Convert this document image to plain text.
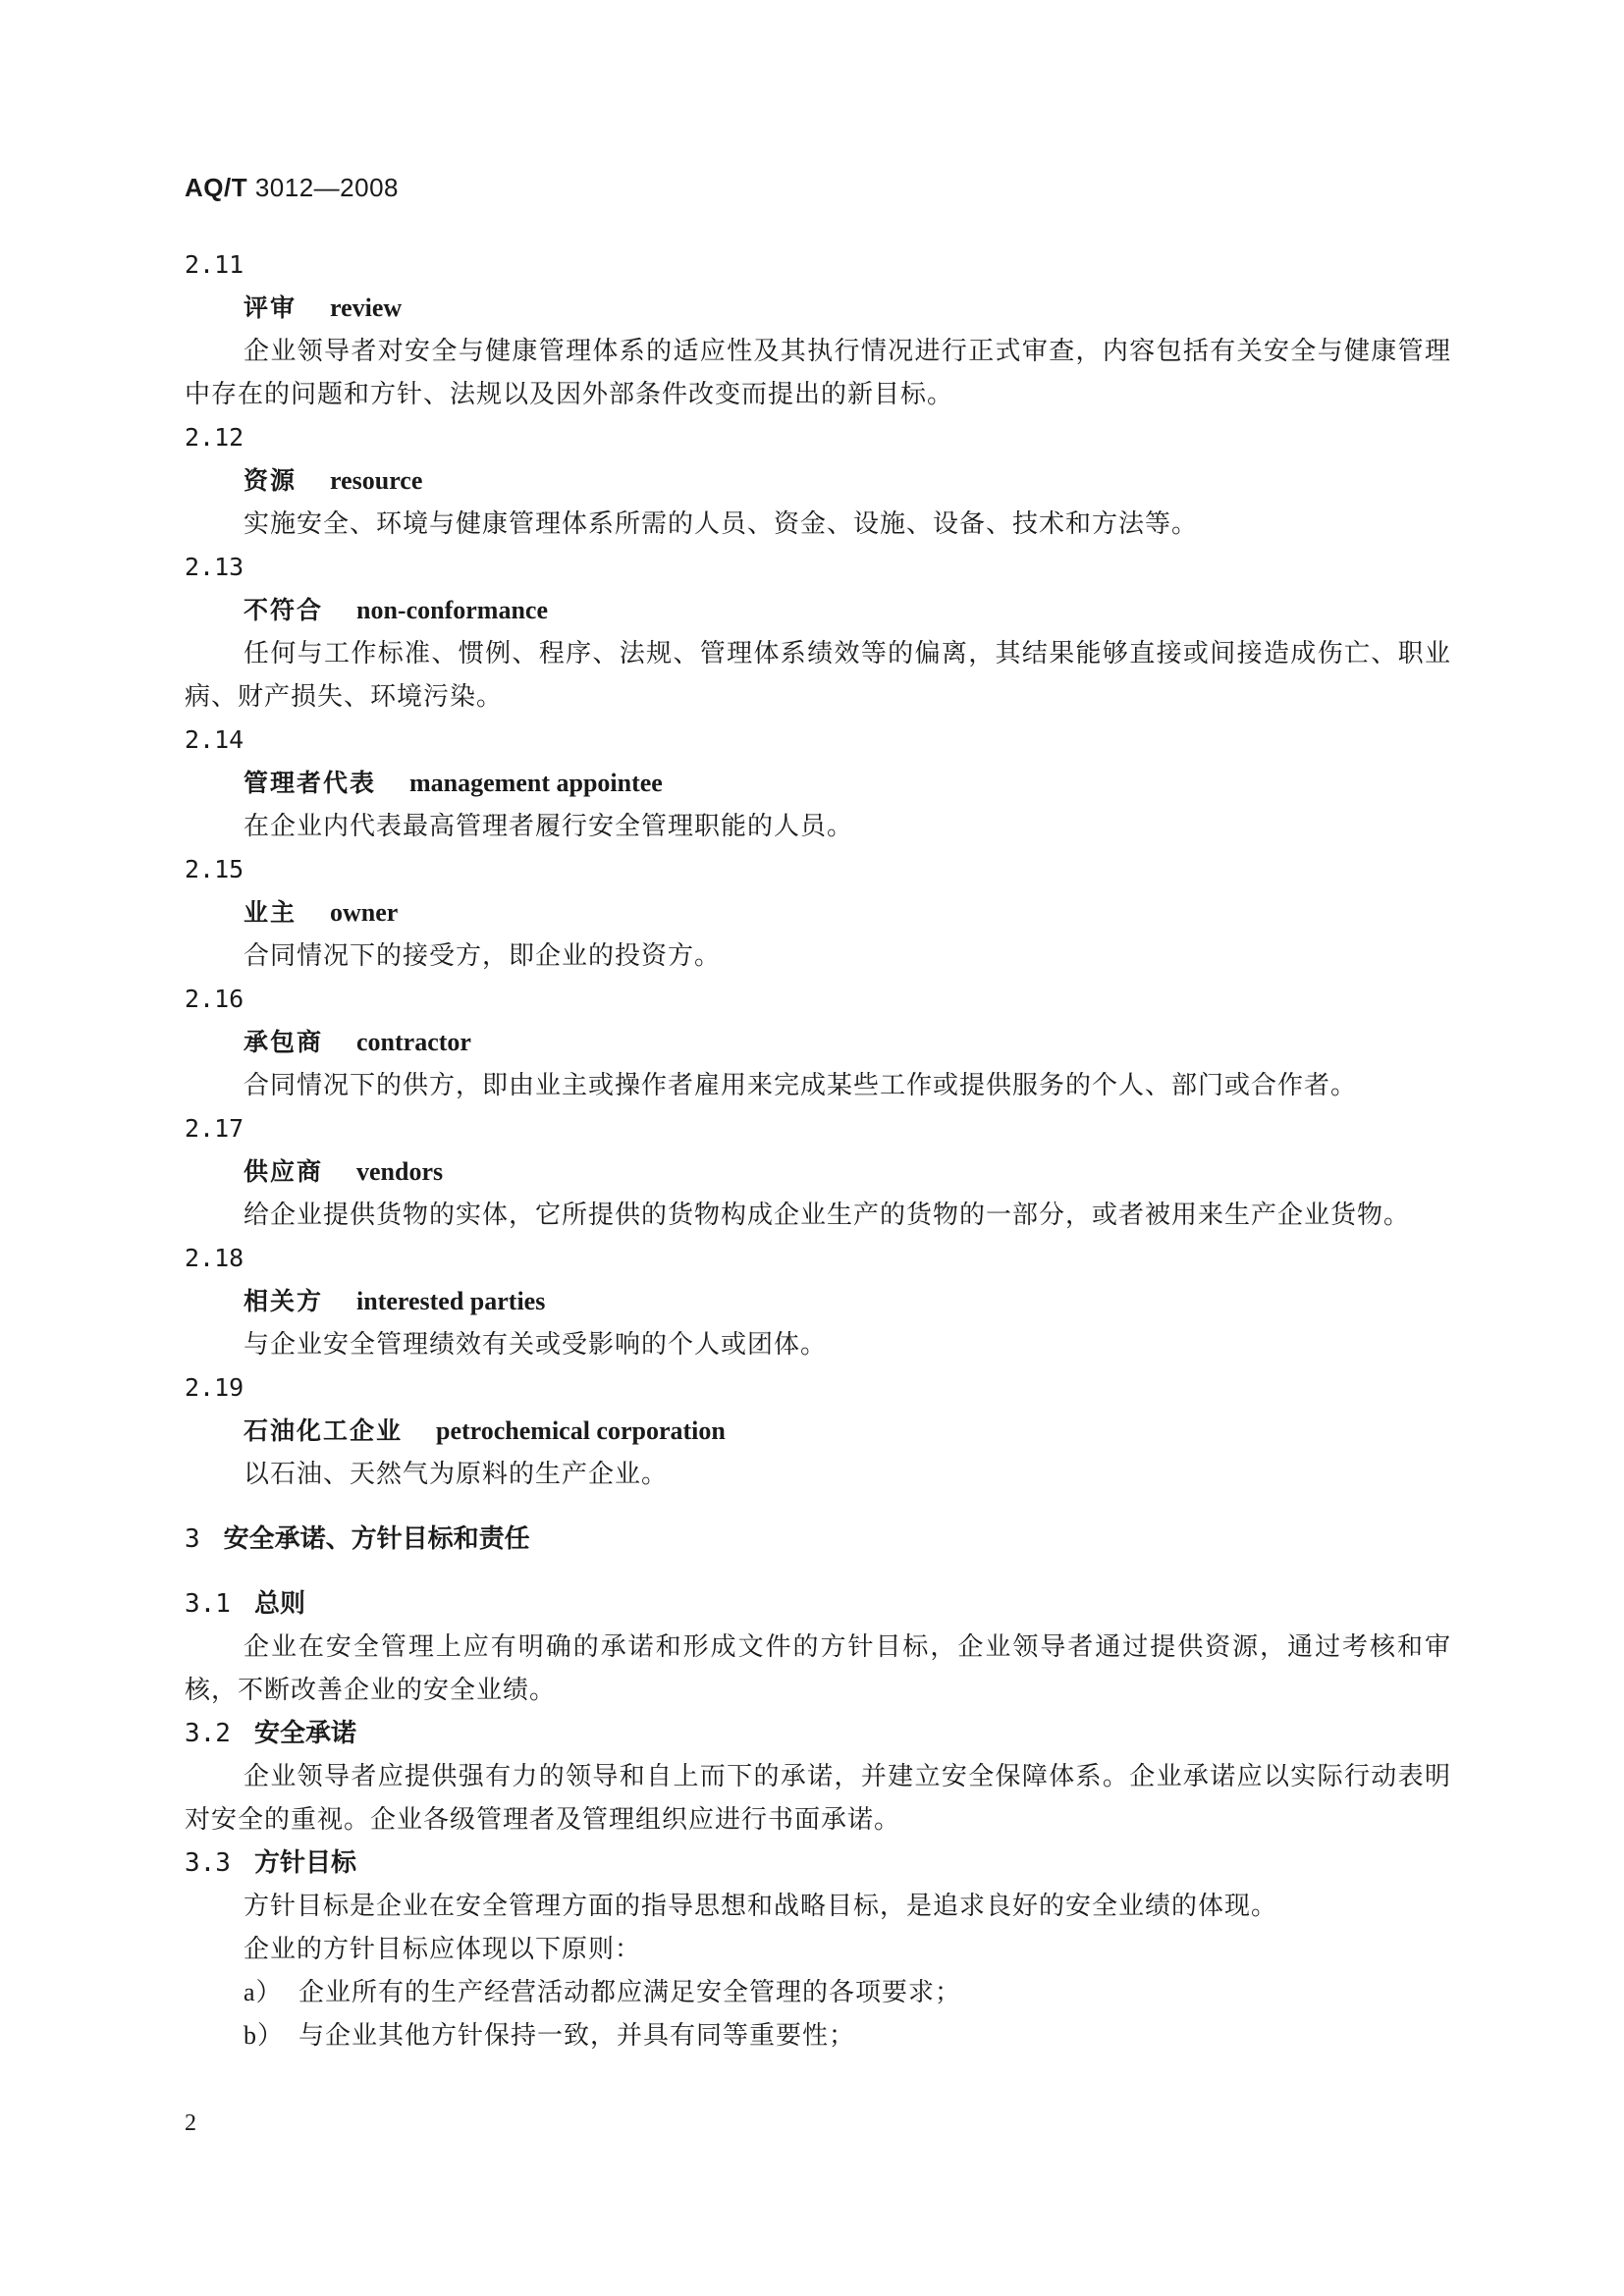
AQ/T 3012—2008
2.11
评审 review
企业领导者对安全与健康管理体系的适应性及其执行情况进行正式审查，内容包括有关安全与健康管理中存在的问题和方针、法规以及因外部条件改变而提出的新目标。
2.12
资源 resource
实施安全、环境与健康管理体系所需的人员、资金、设施、设备、技术和方法等。
2.13
不符合 non-conformance
任何与工作标准、惯例、程序、法规、管理体系绩效等的偏离，其结果能够直接或间接造成伤亡、职业病、财产损失、环境污染。
2.14
管理者代表 management appointee
在企业内代表最高管理者履行安全管理职能的人员。
2.15
业主 owner
合同情况下的接受方，即企业的投资方。
2.16
承包商 contractor
合同情况下的供方，即由业主或操作者雇用来完成某些工作或提供服务的个人、部门或合作者。
2.17
供应商 vendors
给企业提供货物的实体，它所提供的货物构成企业生产的货物的一部分，或者被用来生产企业货物。
2.18
相关方 interested parties
与企业安全管理绩效有关或受影响的个人或团体。
2.19
石油化工企业 petrochemical corporation
以石油、天然气为原料的生产企业。
3 安全承诺、方针目标和责任
3.1 总则
企业在安全管理上应有明确的承诺和形成文件的方针目标，企业领导者通过提供资源，通过考核和审核，不断改善企业的安全业绩。
3.2 安全承诺
企业领导者应提供强有力的领导和自上而下的承诺，并建立安全保障体系。企业承诺应以实际行动表明对安全的重视。企业各级管理者及管理组织应进行书面承诺。
3.3 方针目标
方针目标是企业在安全管理方面的指导思想和战略目标，是追求良好的安全业绩的体现。
企业的方针目标应体现以下原则：
a） 企业所有的生产经营活动都应满足安全管理的各项要求；
b） 与企业其他方针保持一致，并具有同等重要性；
2
